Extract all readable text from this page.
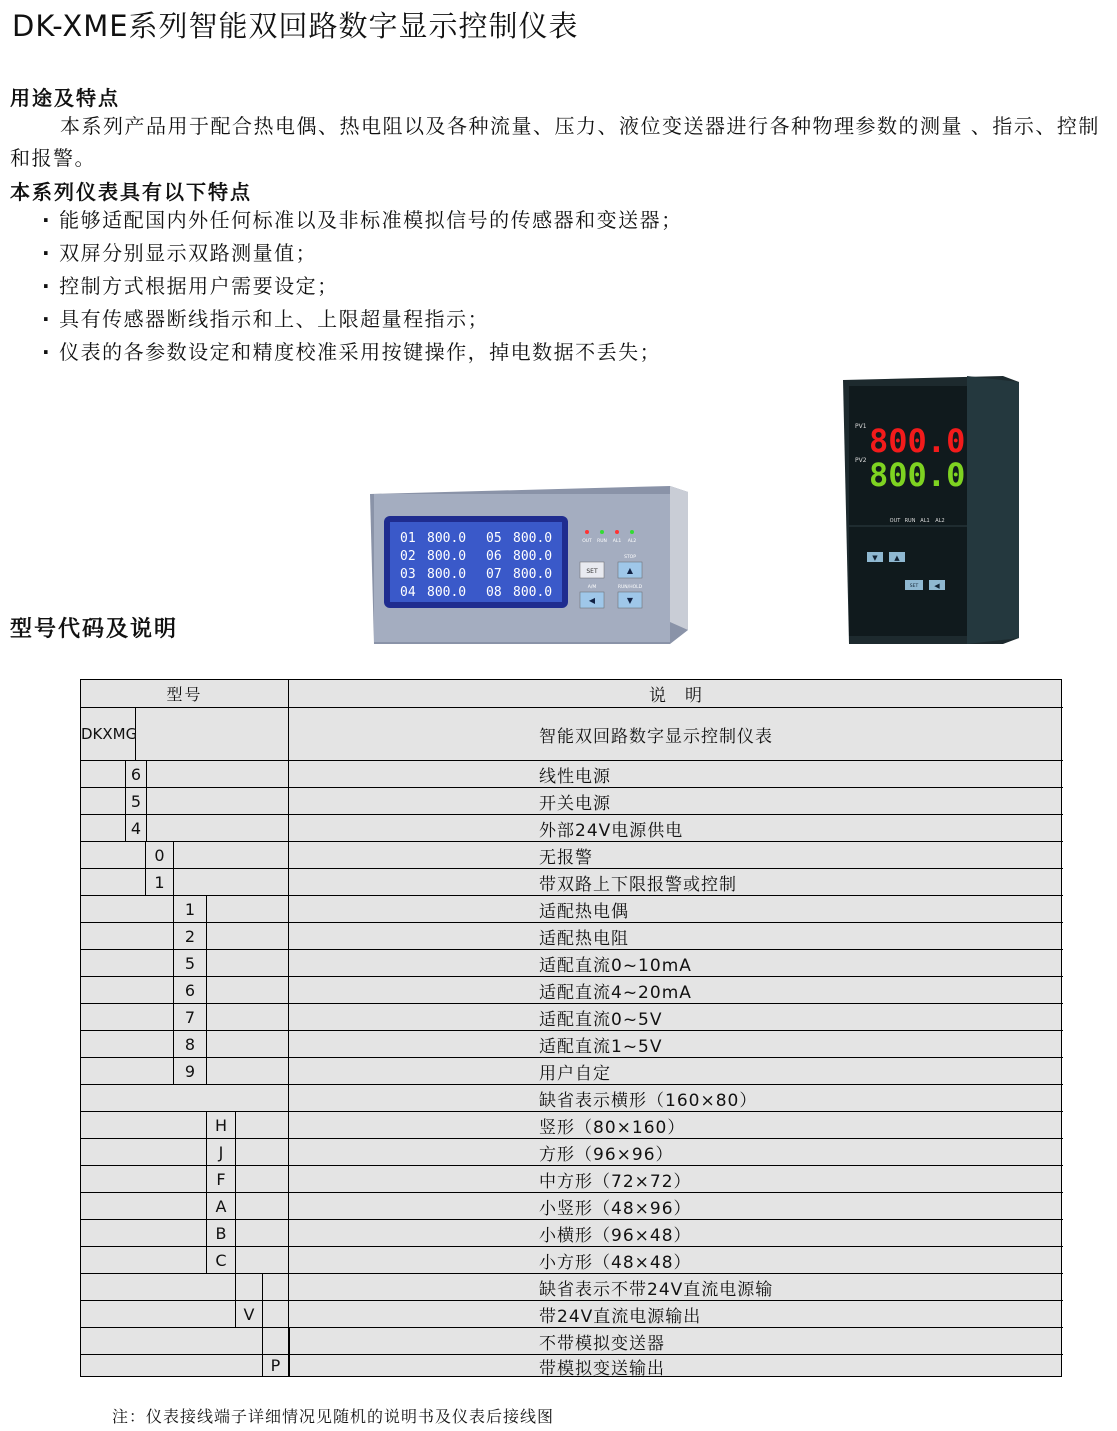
DK-XME系列智能双回路数字显示控制仪表
用途及特点
本系列产品用于配合热电偶、热电阻以及各种流量、压力、液位变送器进行各种物理参数的测量 、指示、控制和报警。
本系列仪表具有以下特点
· 能够适配国内外任何标准以及非标准模拟信号的传感器和变送器；
· 双屏分别显示双路测量值；
· 控制方式根据用户需要设定；
· 具有传感器断线指示和上、上限超量程指示；
· 仪表的各参数设定和精度校准采用按键操作，掉电数据不丢失；
01 800.0 05 800.0
02 800.0 06 800.0
03 800.0 07 800.0
04 800.0 08 800.0
OUT RUN AL1 AL2
SET	▲
STOP
◀
A/M
▼
RUN/HOLD
PV1 800.0
PV2 800.0
OUT RUN AL1 AL2
▼ ▲
SET ◀
型号代码及说明
型号	说　明
DKXMG	智能双回路数字显示控制仪表
6	线性电源
5	开关电源
4	外部24V电源供电
0	无报警
1	带双路上下限报警或控制
1	适配热电偶
2	适配热电阻
5	适配直流0~10mA
6	适配直流4~20mA
7	适配直流0~5V
8	适配直流1~5V
9	用户自定
缺省表示横形（160×80）
H	竖形（80×160）
J	方形（96×96）
F	中方形（72×72）
A	小竖形（48×96）
B	小横形（96×48）
C	小方形（48×48）
缺省表示不带24V直流电源输
V	带24V直流电源输出
不带模拟变送器
P	带模拟变送输出
注：仪表接线端子详细情况见随机的说明书及仪表后接线图
